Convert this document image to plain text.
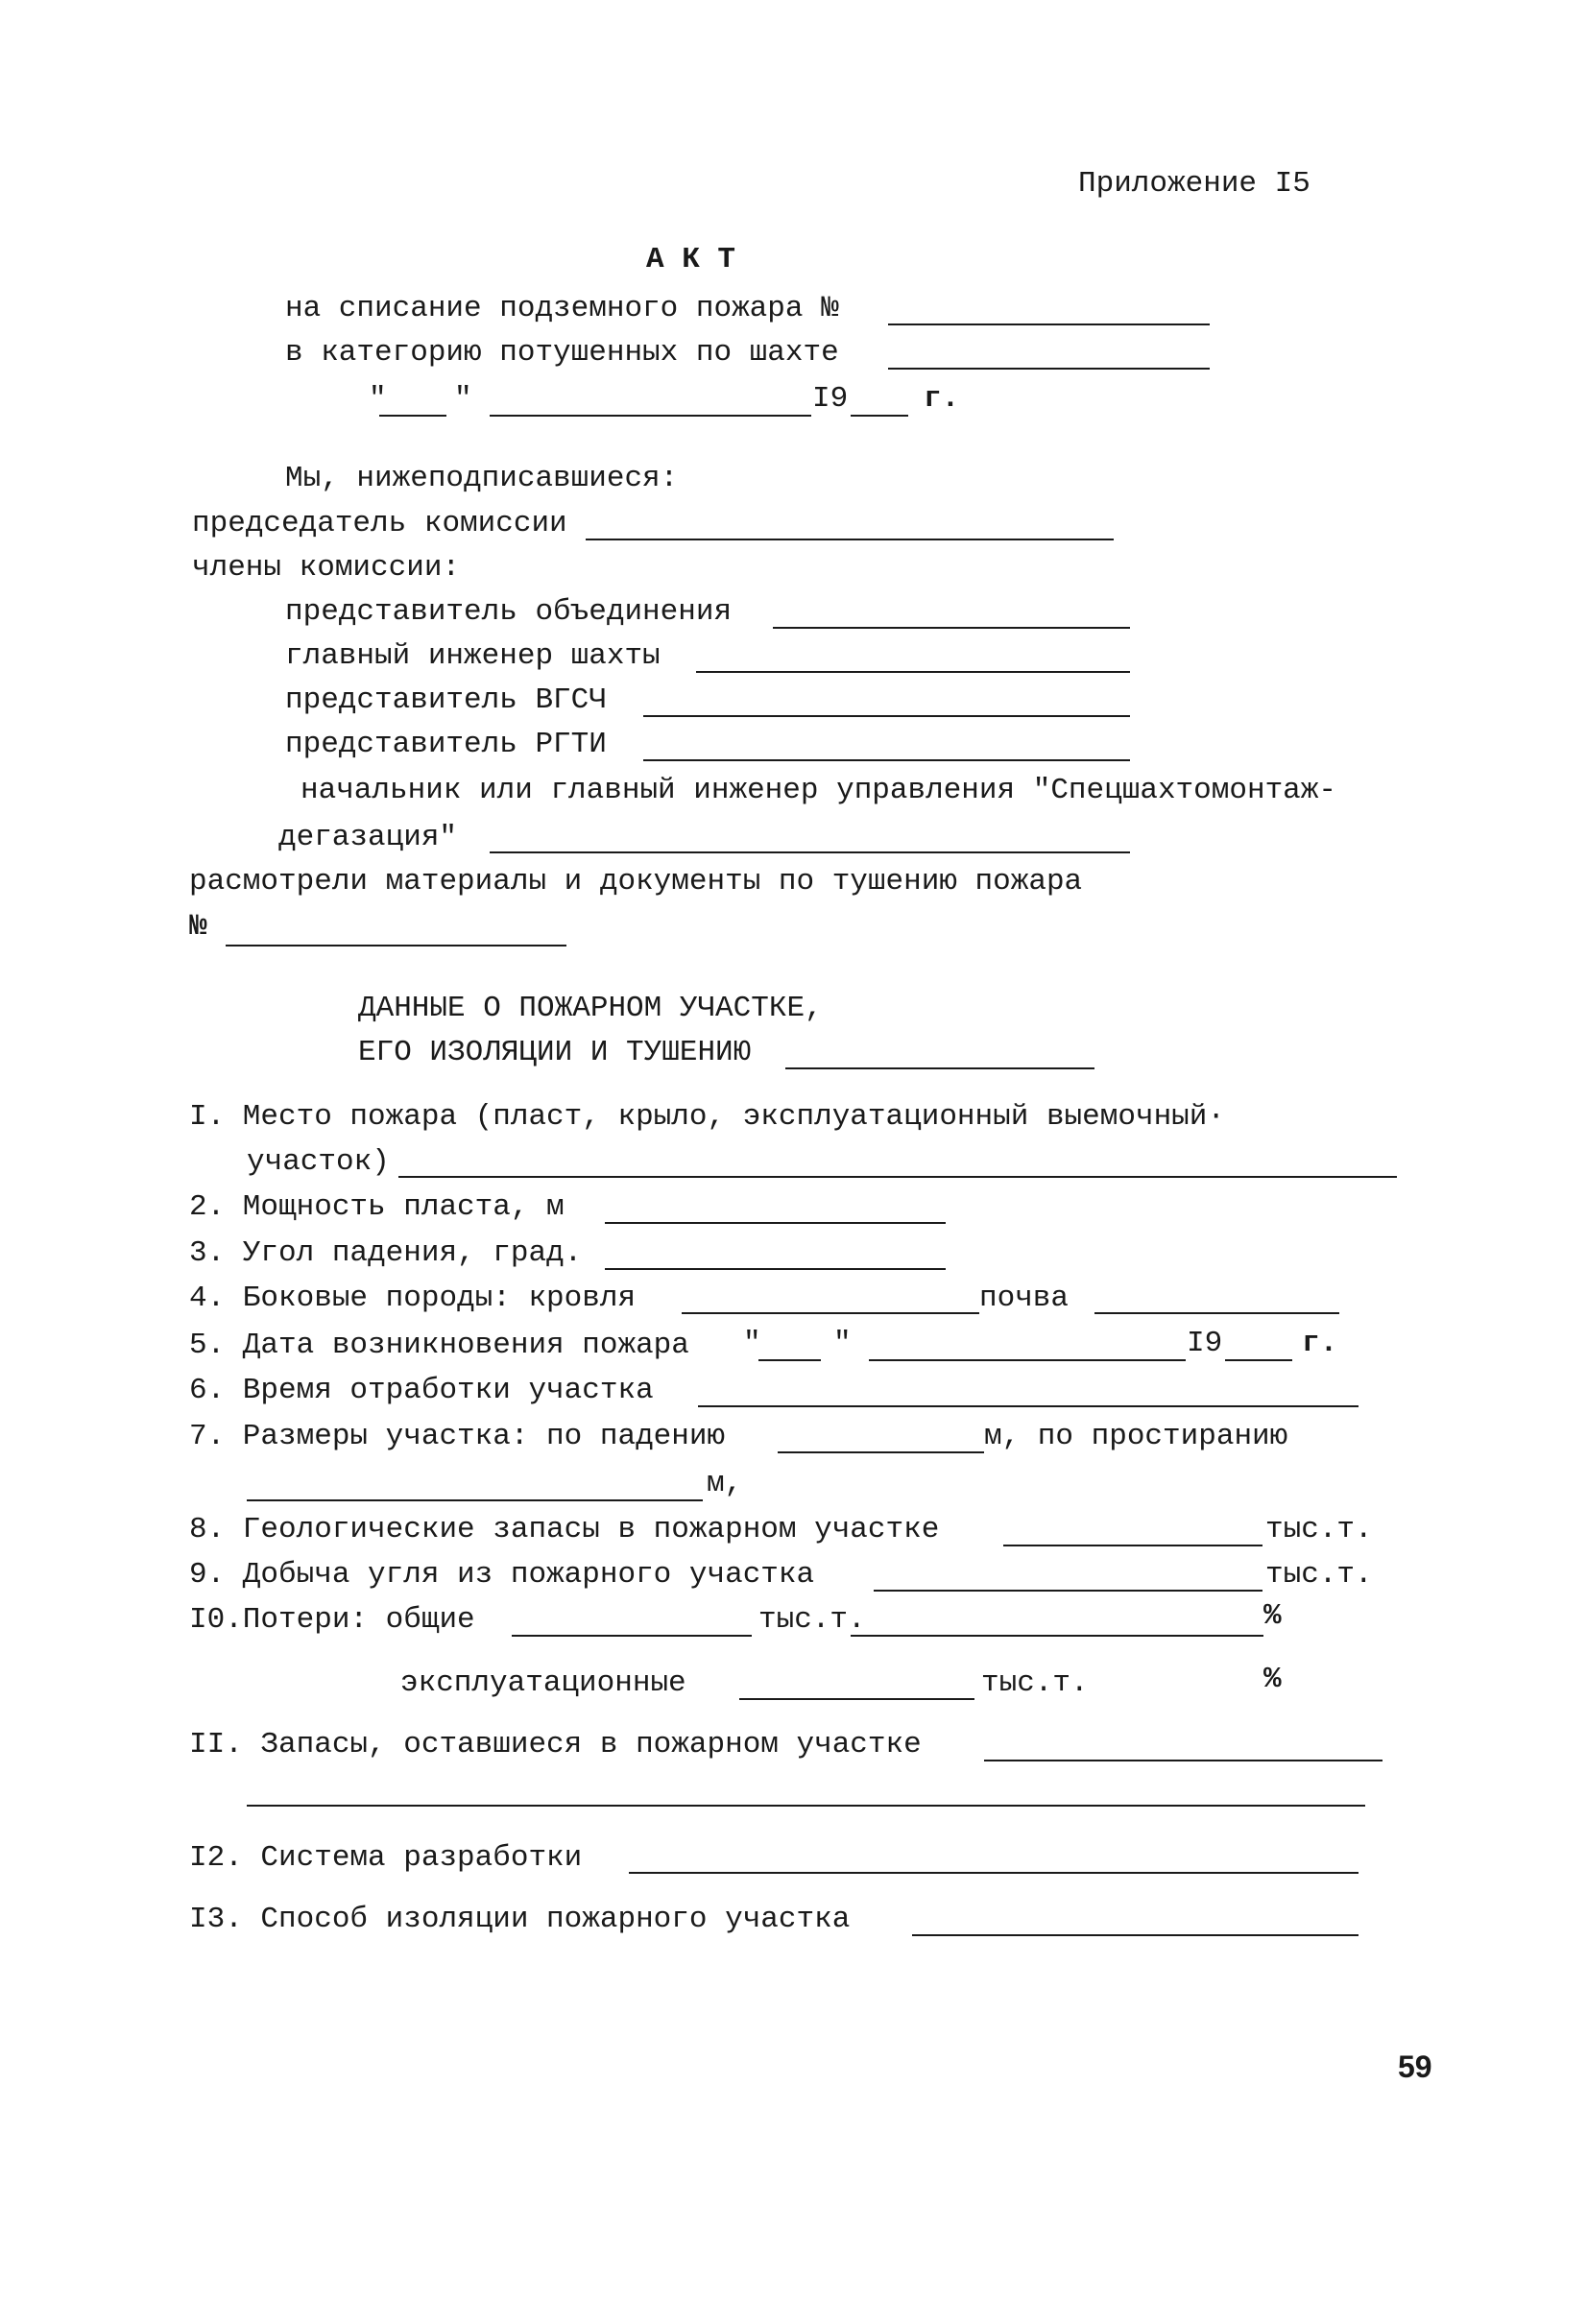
Приложение I5
А К Т
на списание подземного пожара №
в категорию потушенных по шахте
" "	I9	г.
Мы, нижеподписавшиеся:
председатель комиссии
члены комиссии:
представитель объединения
главный инженер шахты
представитель ВГСЧ
представитель РГТИ
начальник или главный инженер управления "Спецшахтомонтаж-
дегазация"
расмотрели материалы и документы по тушению пожара
№
ДАННЫЕ О ПОЖАРНОМ УЧАСТКЕ,
ЕГО ИЗОЛЯЦИИ И ТУШЕНИЮ
I. Место пожара (пласт, крыло, эксплуатационный выемочный·
участок)
2. Мощность пласта, м
3. Угол падения, град.
4. Боковые породы: кровля	почва
5. Дата возникновения пожара " "	I9	г.
6. Время отработки участка
7. Размеры участка: по падению	м, по простиранию
м,
8. Геологические запасы в пожарном участке	тыс.т.
9. Добыча угля из пожарного участка	тыс.т.
I0.Потери: общие	тыс.т.	%
эксплуатационные	тыс.т.	%
II. Запасы, оставшиеся в пожарном участке
I2. Система разработки
I3. Способ изоляции пожарного участка
59
